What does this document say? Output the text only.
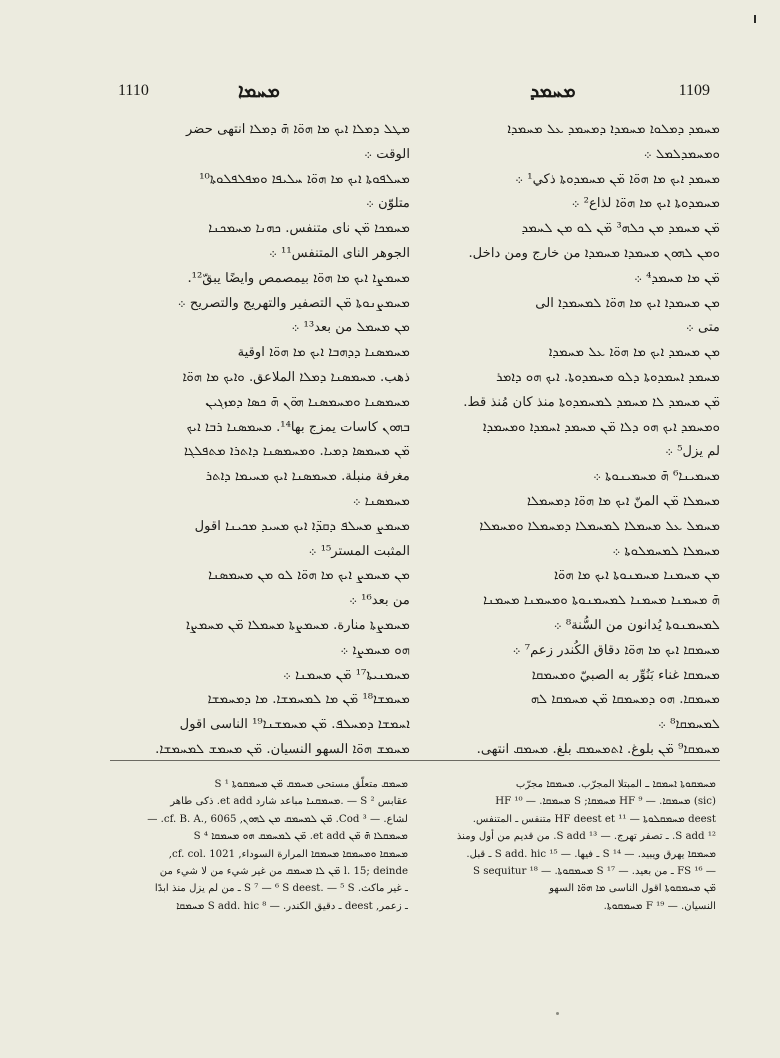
1110	ܡܚܡܐ	ܡܚܡܕ	1109
ܡܛܠ ܕܡܠܐ ܐܝܟ ܡܐ ܗܘ̈ܐ ܗ̄ ܕܡܠܐ انتهى حضر
الوقت ܀
ܡܚܠܦܘܬܐ ܐܝܟ ܡܐ ܗܘ̈ܐ ܚܠܝܦܐ ܘܡܦܠܦܠܘܬܐ¹⁰
متلوّن ܀
ܡܚܡܟܐ ܡ̈ܢ نای متنفس. ܟܗܢܐ ܡܚܡܟܢܐ
الجوهر النای المتنفس¹¹ ܀
ܡܚܡܨܐ ܐܝܟ ܡܐ ܗܘ̈ܐ بيمصمص وايضًا يبقّ¹².
ܡܚܡܨܢܘܬܐ ܡ̈ܢ التصفير والتهريج والتصريح ܀
ܡܢ ܡܚܡܠ من بعد¹³ ܀
ܡܚܡܣܢܐ ܕܕܗܒܐ ܐܝܟ ܡܐ ܗܘ̈ܐ اوقية
ذهب. ܡܚܡܣܢܐ ܕܡܠܐ الملاعق. ܘܐܝܟ ܡܐ ܗܘ̈ܐ
ܡܚܡܣܢܐ ܘܡܚܡܣܢܐ ܗܘ̈ܢ ܗ̄ ܟܣܐ ܕܡܙܓܝܢ
ܒܗܘܢ كاسات يمزج بها¹⁴. ܡܚܡܣܢܐ ܪܒܐ ܐܝܟ
ܡ̈ܢ ܡܚܡܣܐ ܕܡܝܐ. ܘܡܚܡܣܢܐ ܕܐܬܪܐ ܡܬܦܠܓܐ
مغرفة منبلة. ܡܚܡܣܢܐ ܐܝܟ ܡܚܝܡܐ ܕܐܬܪ
ܡܚܡܣܢܐ ܀
ܡܚܡܨ ܡܚܠܦ ܕܩܕ̈ܐ ܐܝܟ ܡܚܝܕ ܡܟܝܢܐ اقول
المثبت المستر¹⁵ ܀
ܡܢ ܡܚܡܨ ܐܝܟ ܡܐ ܗܘ̈ܐ ܠܘ ܡܢ ܡܚܡܣܢܐ
من بعد¹⁶ ܀
ܡܚܡܨܬܐ منارة. ܡܚܡܨܬܐ ܡܚܡܠܐ ܡ̈ܢ ܡܚܡܨܐ
ܗܘ ܡܚܡܨܐ ܀
ܡܚܡܢܝܬܐ¹⁷ ܡ̈ܢ ܡܚܡܢܐ ܀
ܡܚܡܫܐ¹⁸ ܡ̈ܢ ܡܐ ܠܡܚܡܫܐ. ܡܐ ܕܡܚܡܫܐ
ܐܚܡܫܐ ܕܡܚܠܦ. ܡ̈ܢ ܡܚܡܫܢܐ¹⁹ الناسى اقول
ܡܚܡܫ ܗܘ̈ܐ السهو النسيان. ܡ̈ܢ ܡܚܡܫ ܠܡܚܡܫܐ.
ܡܚܡܕ ܕܡܠܘܐ ܡܚܡܕܐ ܕܡܚܡܕ ܥܠ ܡܚܡܕܐ
ܘܡܚܡܕܠܡܠ ܀
ܡܚܡܕ ܐܝܟ ܡܐ ܗܘ̈ܐ ܡ̈ܢ ܡܚܡܕܘܬܐ ذكي¹ ܀
ܡܚܡܕܘܬܐ ܐܝܟ ܡܐ ܗܘ̈ܐ لذاع² ܀
ܡ̈ܢ ܡܚܡܕ ܡܢ ܟܠܗ³ ܡ̈ܢ ܠܘ ܡܢ ܠܚܡܕ
ܘܡܢ ܠܗܘܢ ܡܚܡܕܐ ܡܚܡܕܐ من خارج ومن داخل.
ܡ̈ܢ ܡܐ ܡܚܡܕ⁴ ܀
ܡܢ ܡܚܡܕܐ ܐܝܟ ܡܐ ܗܘ̈ܐ ܠܡܚܡܕܐ الى
متى ܀
ܡܢ ܡܚܡܕ ܐܝܟ ܡܐ ܗܘ̈ܐ ܥܠ ܡܚܡܕܐ
ܡܚܡܕ ܐܚܡܕܘܬܐ ܕܠܘ ܡܚܡܕܘܬܐ. ܐܝܟ ܗܘ ܕܐܡܪ
ܡ̈ܢ ܡܚܡܕ ܠܐ ܡܚܡܕ ܠܡܚܡܕܘܬܐ منذ كان مُنذ قط.
ܘܡܚܡܕ ܐܝܟ ܗܘ ܕܠܐ ܡ̈ܢ ܡܚܡܕ ܐܚܡܕܐ ܘܡܚܡܕܐ
لم يزل⁵ ܀
ܡܚܡܝܢܐ⁶ ܗ̄ ܡܚܡܝܢܘܬܐ ܀
ܡܚܡܠܐ ܡ̈ܢ المنّ ܐܝܟ ܡܐ ܗܘ̈ܐ ܕܡܚܡܠܐ
ܡܚܡܠ ܥܠ ܡܚܡܠܐ ܠܡܚܡܠܐ ܕܡܚܡܠܐ ܘܡܚܡܠܐ
ܡܚܡܠܐ ܠܡܚܡܠܘܬܐ ܀
ܡܢ ܡܚܡܢܐ ܡܚܡܢܘܬܐ ܐܝܟ ܡܐ ܗܘ̈ܐ
ܗ̄ ܡܚܡܢܐ ܡܚܡܢܐ ܠܡܚܡܢܘܬܐ ܘܡܚܡܢܐ ܡܚܡܢܐ
ܠܡܚܡܢܘܬܐ يُدانون من السُّنة⁸ ܀
ܡܚܡܩܐ ܐܝܟ ܡܐ ܗܘ̈ܐ دقاق الكُندر زعم⁷ ܀
ܡܚܡܩܐ غناء بَنُوِّر به الصبيّ ܘܡܚܡܩܐ
ܡܚܡܩܐ. ܗܘ ܕܡܚܡܩܐ ܡ̈ܢ ܡܚܡܩܐ ܠܗ
ܠܡܚܡܩܐ⁸ ܀
ܡܚܡܩܐ⁹ ܡ̈ܢ بلوغ. ܐܬܡܚܡܩ بلغ. ܡܚܡܩ انتهى.
ܡܚܡܩ متعلّق مستحى ܡܚܡܩ ܡ̈ܢ ܡܚܡܩܘܬܐ S ¹
عقابس S ² — .ܡܚܡܩܢܐ مباعد شارد et add. ذكى طاهر
لشاع. — ³ Cod. ܡ̈ܢ ܠܡܚܡܩ ܡܢ ܠܗܘܢ, cf. B. A., 6065. —
ܡܚܡܩܠܐ ܗ̄ ܡ̈ܢ et add. ܡ̈ܢ ܠܡܚܡܩ ܗܘ ܡܚܡܩܐ S ⁴
ܡܚܡܩܐ ܘܡܚܡܩܐ ܡܚܡܩܐ المرارة السوداء, cf. col. 1021,
l. 15; deinde ܡ̈ܢ ܠܐ ܡܚܡܩ من غير شيء من لا شيء من
ـ غير ماكث. S ⁷ — ⁶ S deest. — ⁵ S ـ من لم يزل منذ ابدًا
ـ زعمر, deest ـ دقيق الكندر. — ⁸ S add. hic ܡܚܡܩܐ
ܡܚܡܩܘܬܐ ܐܚܡܩܐ ـ المبتلا المجرّب. ܡܚܡܩܐ مجرّب
(sic) ܡܚܡܩܐ. — ⁹ HF ܡܚܡܩܐ; S ܡܚܡܩܐ. — ¹⁰ HF
deest ܡܚܡܩܠܘܬܐ — ¹¹ HF deest et متنفس ـ المتنفس.
¹² S add. ـ تصفر تهرج. — ¹³ S add. من قديم من أول ومنذ
ܡܚܡܩܐ يهرق ويبيد. — ¹⁴ S ـ فيها. — ¹⁵ S add. hic ـ قبل.
— ¹⁶ FS ـ من بعيد. — ¹⁷ S ܡܚܡܩܘܬܐ. — ¹⁸ S sequitur
ܡ̈ܢ ܡܚܡܩܘܬܐ اقول الناسى ܡܐ ܗܘ̈ܐ السهو
النسيان. — ¹⁹ F ܡܚܡܩܘܬܐ.
